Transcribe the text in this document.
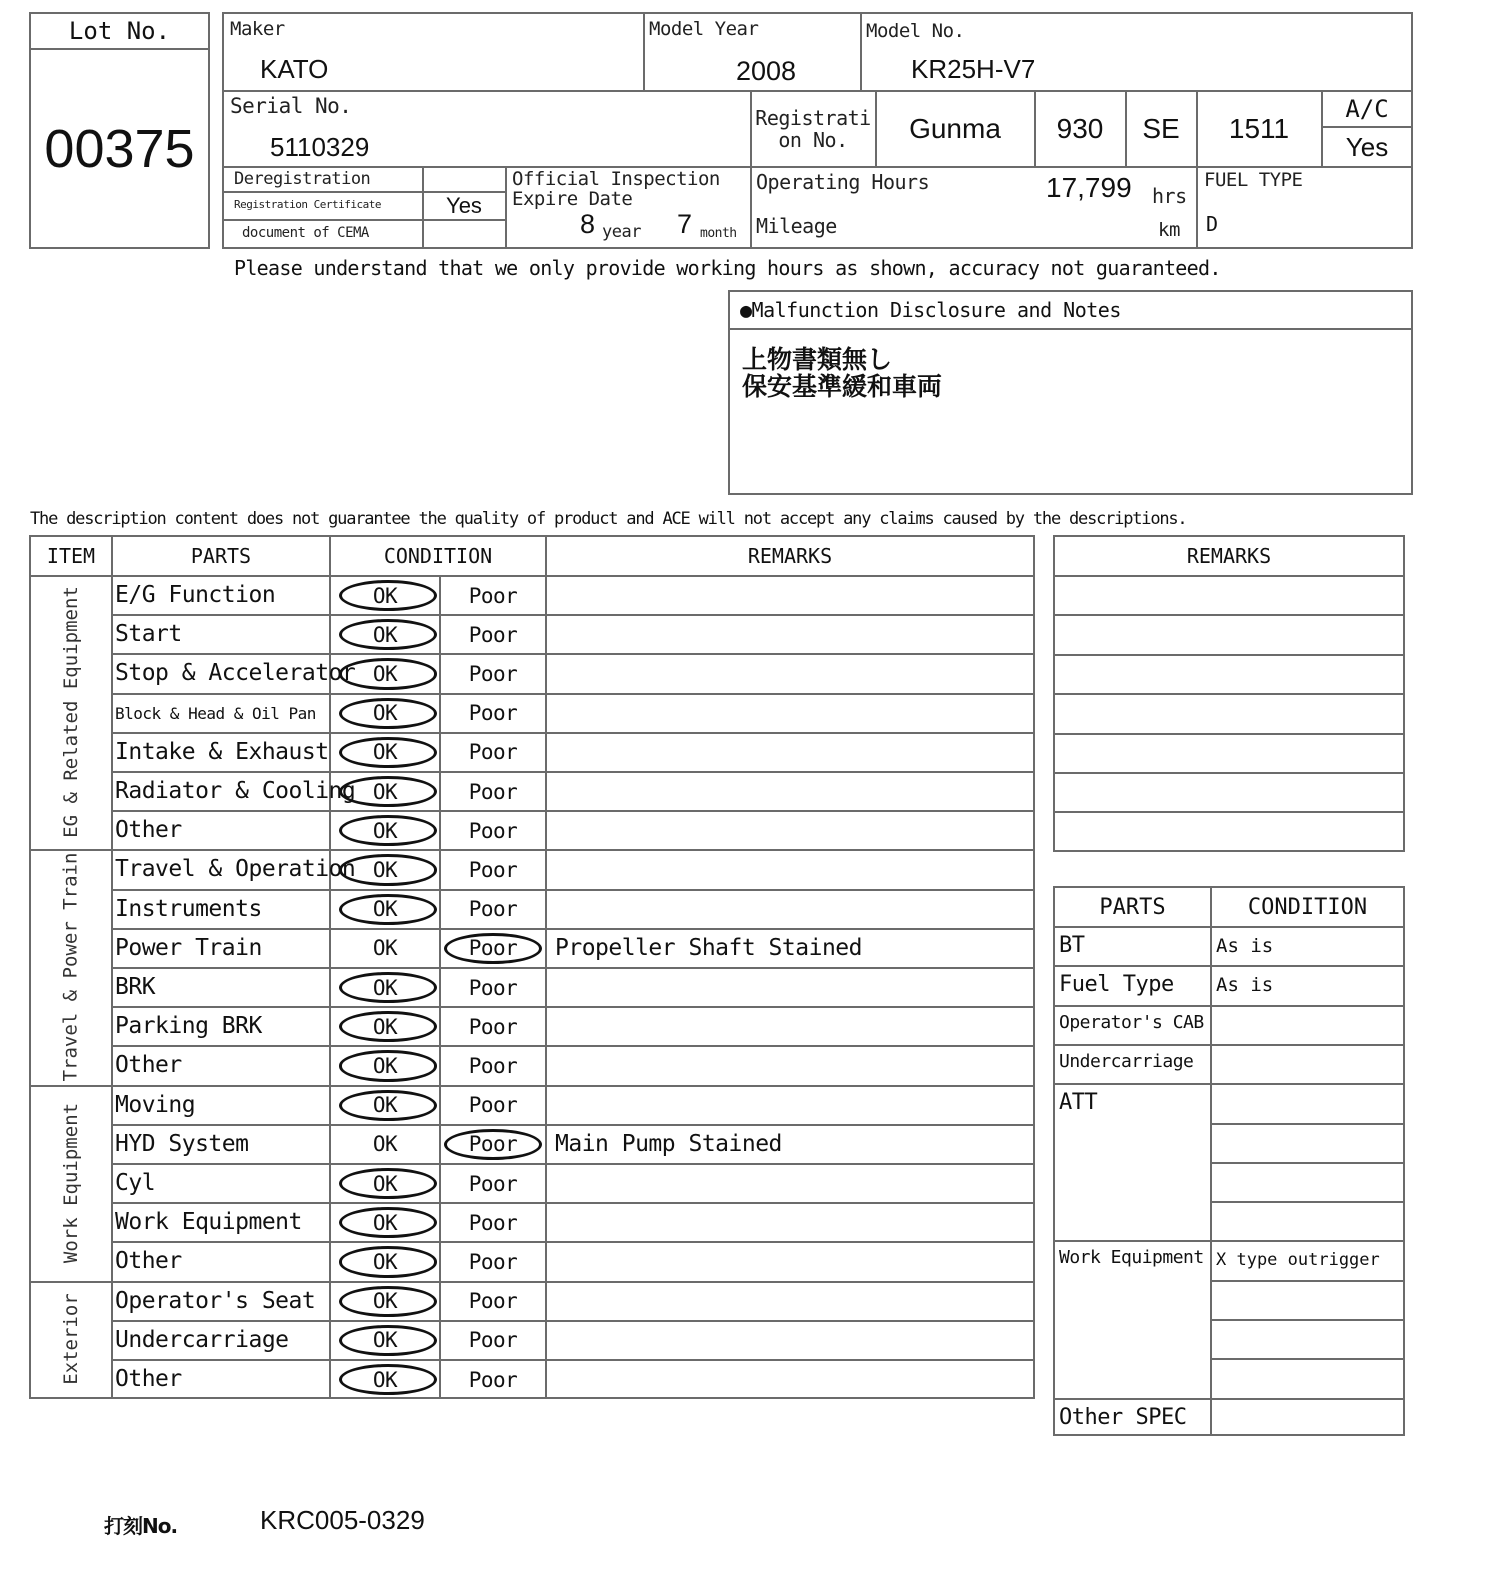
Lot No.
00375
Maker
KATO
Model Year
2008
Model No.
KR25H-V7
Serial No.
5110329
Registrati
on No.	Gunma	930	SE	1511
A/C
Yes
Deregistration
Registration Certificate	Yes
document of CEMA
Official Inspection
Expire Date
8 year 7 month
Operating Hours	17,799 hrs
Mileage	km
FUEL TYPE
D
Please understand that we only provide working hours as shown, accuracy not guaranteed.
●Malfunction Disclosure and Notes
上物書類無し
保安基準緩和車両
The description content does not guarantee the quality of product and ACE will not accept any claims caused by the descriptions.
ITEM	PARTS	CONDITION	REMARKS
E/G Function	OK	Poor
Start	OK	Poor
Stop & Accelerator OK	Poor
Block & Head & Oil Pan	OK	Poor
Intake & Exhaust	OK	Poor
Radiator & Cooling OK	Poor
Other	OK	Poor
EG & Related Equipment
Travel & Operation OK	Poor
Instruments	OK	Poor
Power Train	OK	Poor	Propeller Shaft Stained
BRK	OK	Poor
Parking BRK	OK	Poor
Other	OK	Poor
Travel & Power Train
Moving	OK	Poor
HYD System	OK	Poor	Main Pump Stained
Cyl	OK	Poor
Work Equipment	OK	Poor
Other	OK	Poor
Work Equipment
Operator's Seat	OK	Poor
Undercarriage	OK	Poor
Other	OK	Poor
Exterior
REMARKS
PARTS	CONDITION
BT	As is
Fuel Type As is
Operator's CAB
Undercarriage
ATT
Work Equipment X type outrigger
Other SPEC
打刻No.	KRC005-0329
